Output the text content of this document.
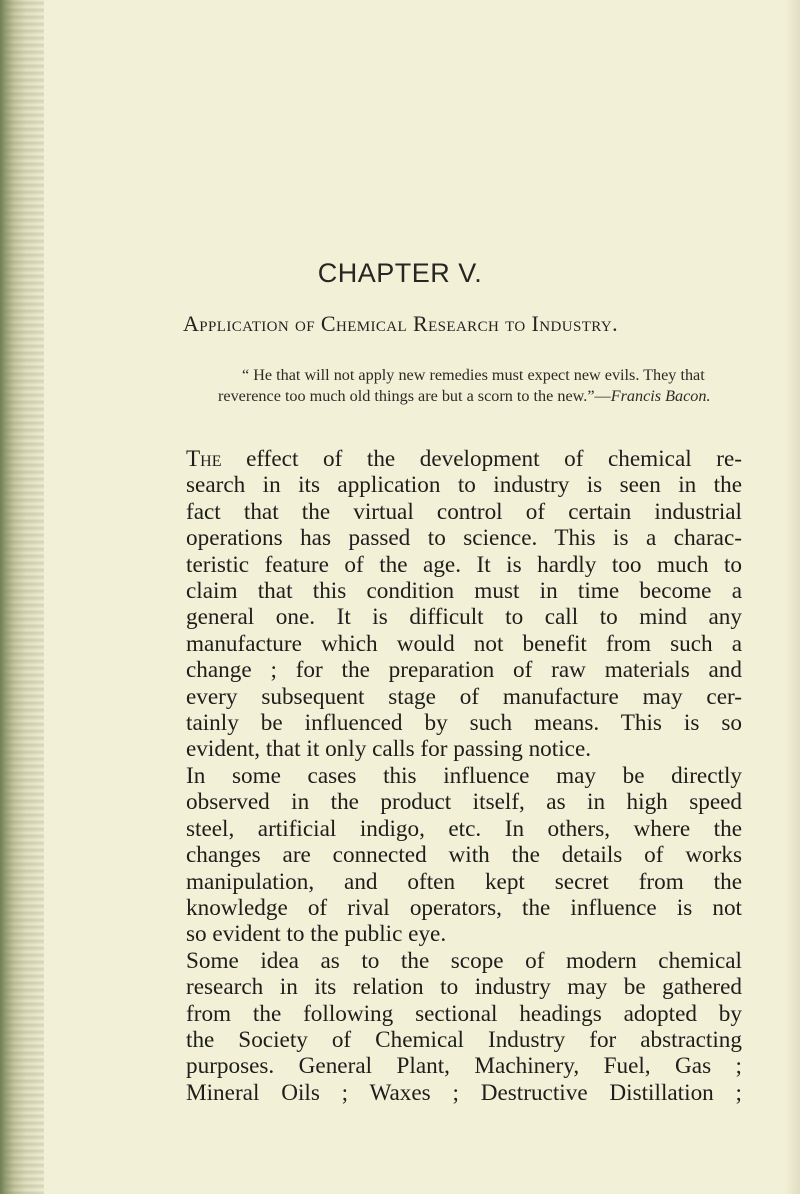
CHAPTER V.
Application of Chemical Research to Industry.
“ He that will not apply new remedies must expect new evils. They that reverence too much old things are but a scorn to the new.”—Francis Bacon.

The effect of the development of chemical re-
search in its application to industry is seen in the
fact that the virtual control of certain industrial
operations has passed to science. This is a charac-
teristic feature of the age. It is hardly too much to
claim that this condition must in time become a
general one. It is difficult to call to mind any
manufacture which would not benefit from such a
change ; for the preparation of raw materials and
every subsequent stage of manufacture may cer-
tainly be influenced by such means. This is so
evident, that it only calls for passing notice.

In some cases this influence may be directly
observed in the product itself, as in high speed
steel, artificial indigo, etc. In others, where the
changes are connected with the details of works
manipulation, and often kept secret from the
knowledge of rival operators, the influence is not
so evident to the public eye.

Some idea as to the scope of modern chemical
research in its relation to industry may be gathered
from the following sectional headings adopted by
the Society of Chemical Industry for abstracting
purposes. General Plant, Machinery, Fuel, Gas ;
Mineral Oils ; Waxes ; Destructive Distillation ;
